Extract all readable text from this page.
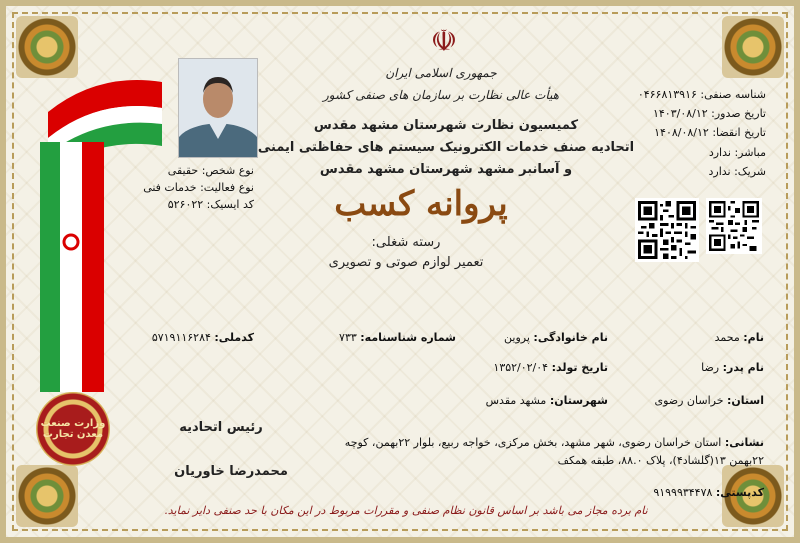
وزارت صنعت معدن تجارت
☫
جمهوری اسلامی ایران
هیأت عالی نظارت بر سازمان های صنفی کشور
کمیسیون نظارت شهرستان مشهد مقدس
اتحادیه صنف خدمات الکترونیک سیستم های حفاظتی ایمنی
و آسانبر مشهد شهرستان مشهد مقدس
پروانه کسب
رسته شغلی:
تعمیر لوازم صوتی و تصویری
نوع شخص: حقیقی
نوع فعالیت: خدمات فنی
کد ایسیک: ۵۲۶۰۲۲
شناسه صنفی: ۰۴۶۶۸۱۳۹۱۶
تاریخ صدور: ۱۴۰۳/۰۸/۱۲
تاریخ انقضا: ۱۴۰۸/۰۸/۱۲
مباشر: ندارد
شریک: ندارد
نام: محمد
نام خانوادگی: پروین
شماره شناسنامه: ۷۳۳
کدملی: ۵۷۱۹۱۱۶۲۸۴
نام پدر: رضا
تاریخ تولد: ۱۳۵۲/۰۲/۰۴
استان: خراسان رضوی
شهرستان: مشهد مقدس
نشانی: استان خراسان رضوی، شهر مشهد، بخش مرکزی، خواجه ربیع، بلوار ۲۲بهمن، کوچه
۲۲بهمن ۱۳(گلشاد۴)، پلاک ۸۸.۰، طبقه همکف
کدپستی: ۹۱۹۹۹۳۴۴۷۸
رئیس اتحادیه
محمدرضا خاوریان
نام برده مجاز می باشد بر اساس قانون نظام صنفی و مقررات مربوط در این مکان با حد صنفی دایر نماید.
